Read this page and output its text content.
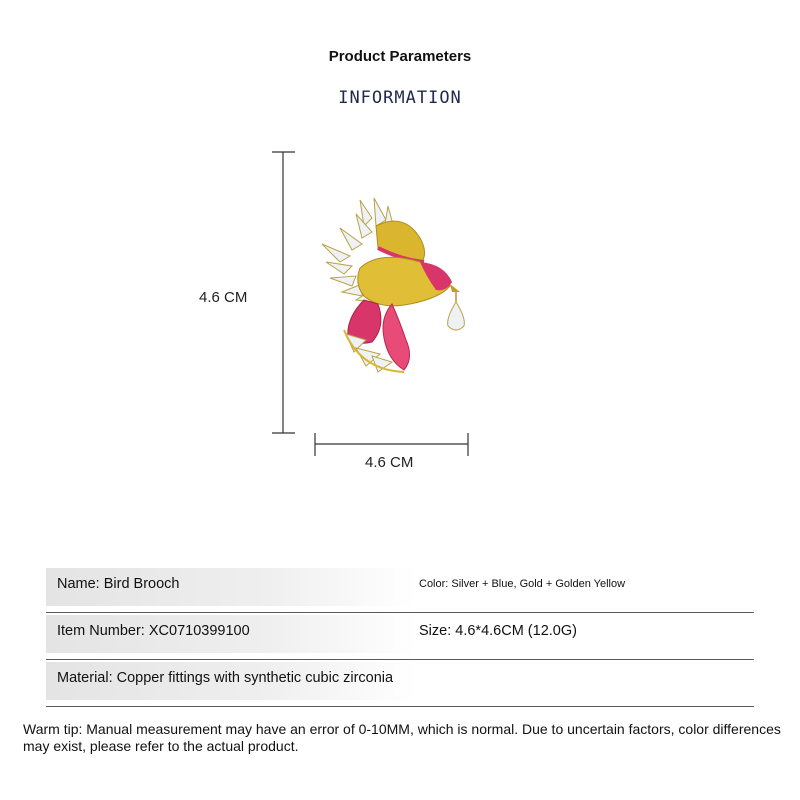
Product Parameters
INFORMATION
4.6 CM
4.6 CM
Name: Bird Brooch	Color: Silver + Blue, Gold + Golden Yellow
Item Number: XC0710399100	Size: 4.6*4.6CM (12.0G)
Material: Copper fittings with synthetic cubic zirconia
Warm tip: Manual measurement may have an error of 0-10MM, which is normal. Due to uncertain factors, color differences may exist, please refer to the actual product.
